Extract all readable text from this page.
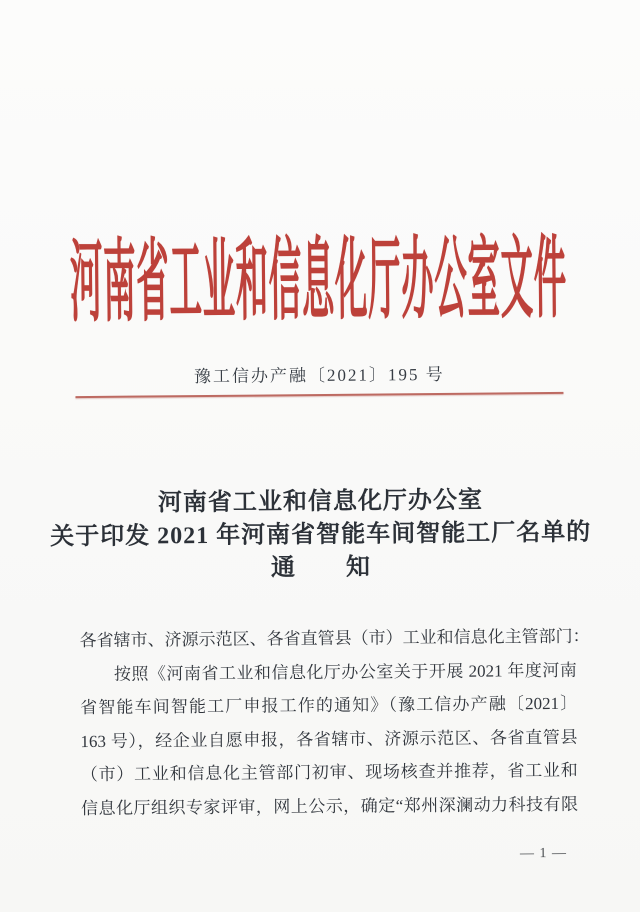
河南省工业和信息化厅办公室文件
豫工信办产融〔2021〕195 号
河南省工业和信息化厅办公室
关于印发 2021 年河南省智能车间智能工厂名单的
通　　知
各省辖市、济源示范区、各省直管县（市）工业和信息化主管部门：
按照《河南省工业和信息化厅办公室关于开展 2021 年度河南
省智能车间智能工厂申报工作的通知》（豫工信办产融〔2021〕
163 号），经企业自愿申报，各省辖市、济源示范区、各省直管县
（市）工业和信息化主管部门初审、现场核查并推荐，省工业和
信息化厅组织专家评审，网上公示，确定“郑州深澜动力科技有限
— 1 —
